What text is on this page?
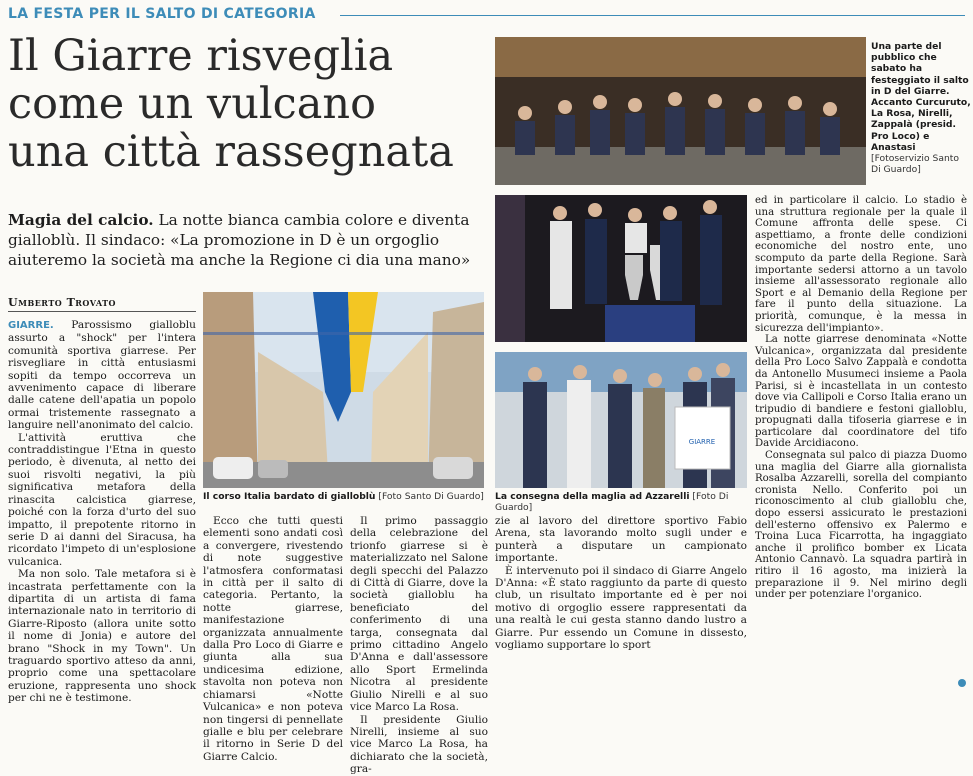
LA FESTA PER IL SALTO DI CATEGORIA
Il Giarre risveglia
come un vulcano
una città rassegnata
Magia del calcio. La notte bianca cambia colore e diventa gialloblù. Il sindaco: «La promozione in D è un orgoglio aiuteremo la società ma anche la Regione ci dia una mano»
Umberto Trovato

GIARRE. Parossismo gialloblu assurto a "shock" per l'intera comunità sportiva giarrese. Per risvegliare in città entusiasmi sopiti da tempo occorreva un avvenimento capace di liberare dalle catene dell'apatia un popolo ormai tristemente rassegnato a languire nell'anonimato del calcio.

L'attività eruttiva che contraddistingue l'Etna in questo periodo, è divenuta, al netto dei suoi risvolti negativi, la più significativa metafora della rinascita calcistica giarrese, poiché con la forza d'urto del suo impatto, il prepotente ritorno in serie D ai danni del Siracusa, ha ricordato l'impeto di un'esplosione vulcanica.

Ma non solo. Tale metafora si è incastrata perfettamente con la dipartita di un artista di fama internazionale nato in territorio di Giarre-Riposto (allora unite sotto il nome di Jonia) e autore del brano "Shock in my Town". Un traguardo sportivo atteso da anni, proprio come una spettacolare eruzione, rappresenta uno shock per chi ne è testimone.

Il corso Italia bardato di gialloblù [Foto Santo Di Guardo]
Una parte del pubblico che sabato ha festeggiato il salto in D del Giarre. Accanto Curcuruto, La Rosa, Nirelli, Zappalà (presid. Pro Loco) e Anastasi
[Fotoservizio Santo Di Guardo]
GIARRE
La consegna della maglia ad Azzarelli [Foto Di Guardo]

Ecco che tutti questi elementi sono andati così a convergere, rivestendo di note suggestive l'atmosfera conformatasi in città per il salto di categoria. Pertanto, la notte giarrese, manifestazione organizzata annualmente dalla Pro Loco di Giarre e giunta alla sua undicesima edizione, stavolta non poteva non chiamarsi «Notte Vulcanica» e non poteva non tingersi di pennellate gialle e blu per celebrare il ritorno in Serie D del Giarre Calcio.

Il primo passaggio della celebrazione del trionfo giarrese si è materializzato nel Salone degli specchi del Palazzo di Città di Giarre, dove la società gialloblu ha beneficiato del conferimento di una targa, consegnata dal primo cittadino Angelo D'Anna e dall'assessore allo Sport Ermelinda Nicotra al presidente Giulio Nirelli e al suo vice Marco La Rosa.

Il presidente Giulio Nirelli, insieme al suo vice Marco La Rosa, ha dichiarato che la società, gra-

zie al lavoro del direttore sportivo Fabio Arena, sta lavorando molto sugli under e punterà a disputare un campionato importante.

È intervenuto poi il sindaco di Giarre Angelo D'Anna: «È stato raggiunto da parte di questo club, un risultato importante ed è per noi motivo di orgoglio essere rappresentati da una realtà le cui gesta stanno dando lustro a Giarre. Pur essendo un Comune in dissesto, vogliamo supportare lo sport

ed in particolare il calcio. Lo stadio è una struttura regionale per la quale il Comune affronta delle spese. Ci aspettiamo, a fronte delle condizioni economiche del nostro ente, uno scomputo da parte della Regione. Sarà importante sedersi attorno a un tavolo insieme all'assessorato regionale allo Sport e al Demanio della Regione per fare il punto della situazione. La priorità, comunque, è la messa in sicurezza dell'impianto».

La notte giarrese denominata «Notte Vulcanica», organizzata dal presidente della Pro Loco Salvo Zappalà e condotta da Antonello Musumeci insieme a Paola Parisi, si è incastellata in un contesto dove via Callipoli e Corso Italia erano un tripudio di bandiere e festoni gialloblu, propugnati dalla tifoseria giarrese e in particolare dal coordinatore del tifo Davide Arcidiacono.

Consegnata sul palco di piazza Duomo una maglia del Giarre alla giornalista Rosalba Azzarelli, sorella del compianto cronista Nello. Conferito poi un riconoscimento al club gialloblu che, dopo essersi assicurato le prestazioni dell'esterno offensivo ex Palermo e Troina Luca Ficarrotta, ha ingaggiato anche il prolifico bomber ex Licata Antonio Cannavò. La squadra partirà in ritiro il 16 agosto, ma inizierà la preparazione il 9. Nel mirino degli under per potenziare l'organico.
